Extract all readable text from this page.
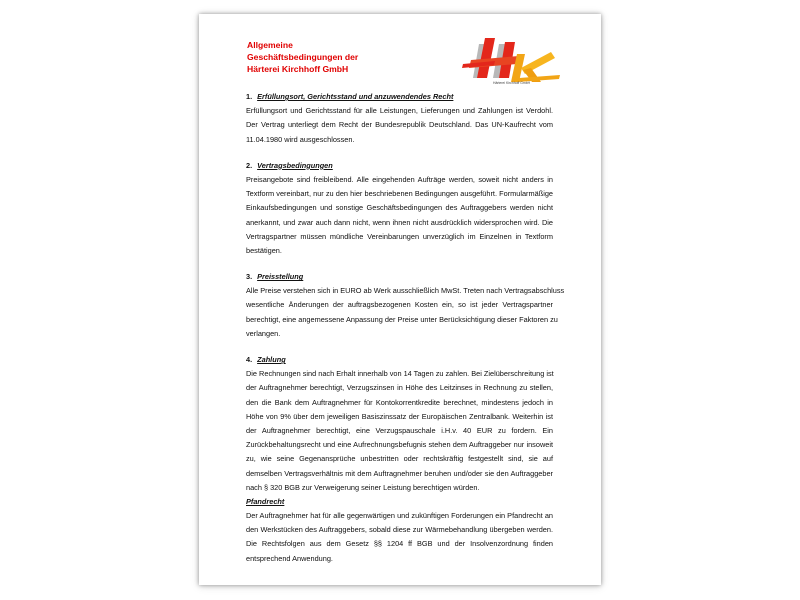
Allgemeine
Geschäftsbedingungen der
Härterei Kirchhoff GmbH
Härterei Kirchhoff GmbH
1. Erfüllungsort, Gerichtsstand und anzuwendendes Recht
Erfüllungsort und Gerichtsstand für alle Leistungen, Lieferungen und Zahlungen ist Verdohl.
Der Vertrag unterliegt dem Recht der Bundesrepublik Deutschland. Das UN-Kaufrecht vom
11.04.1980 wird ausgeschlossen.
2. Vertragsbedingungen
Preisangebote sind freibleibend. Alle eingehenden Aufträge werden, soweit nicht anders in
Textform vereinbart, nur zu den hier beschriebenen Bedingungen ausgeführt. Formularmäßige
Einkaufsbedingungen und sonstige Geschäftsbedingungen des Auftraggebers werden nicht
anerkannt, und zwar auch dann nicht, wenn ihnen nicht ausdrücklich widersprochen wird. Die
Vertragspartner müssen mündliche Vereinbarungen unverzüglich im Einzelnen in Textform
bestätigen.
3. Preisstellung
Alle Preise verstehen sich in EURO ab Werk ausschließlich MwSt. Treten nach Vertragsabschluss
wesentliche Änderungen der auftragsbezogenen Kosten ein, so ist jeder Vertragspartner
berechtigt, eine angemessene Anpassung der Preise unter Berücksichtigung dieser Faktoren zu
verlangen.
4. Zahlung
Die Rechnungen sind nach Erhalt innerhalb von 14 Tagen zu zahlen. Bei Zielüberschreitung ist
der Auftragnehmer berechtigt, Verzugszinsen in Höhe des Leitzinses in Rechnung zu stellen,
den die Bank dem Auftragnehmer für Kontokorrentkredite berechnet, mindestens jedoch in
Höhe von 9% über dem jeweiligen Basiszinssatz der Europäischen Zentralbank. Weiterhin ist
der Auftragnehmer berechtigt, eine Verzugspauschale i.H.v. 40 EUR zu fordern. Ein
Zurückbehaltungsrecht und eine Aufrechnungsbefugnis stehen dem Auftraggeber nur insoweit
zu, wie seine Gegenansprüche unbestritten oder rechtskräftig festgestellt sind, sie auf
demselben Vertragsverhältnis mit dem Auftragnehmer beruhen und/oder sie den Auftraggeber
nach § 320 BGB zur Verweigerung seiner Leistung berechtigen würden.
Pfandrecht
Der Auftragnehmer hat für alle gegenwärtigen und zukünftigen Forderungen ein Pfandrecht an
den Werkstücken des Auftraggebers, sobald diese zur Wärmebehandlung übergeben werden.
Die Rechtsfolgen aus dem Gesetz §§ 1204 ff BGB und der Insolvenzordnung finden
entsprechend Anwendung.
